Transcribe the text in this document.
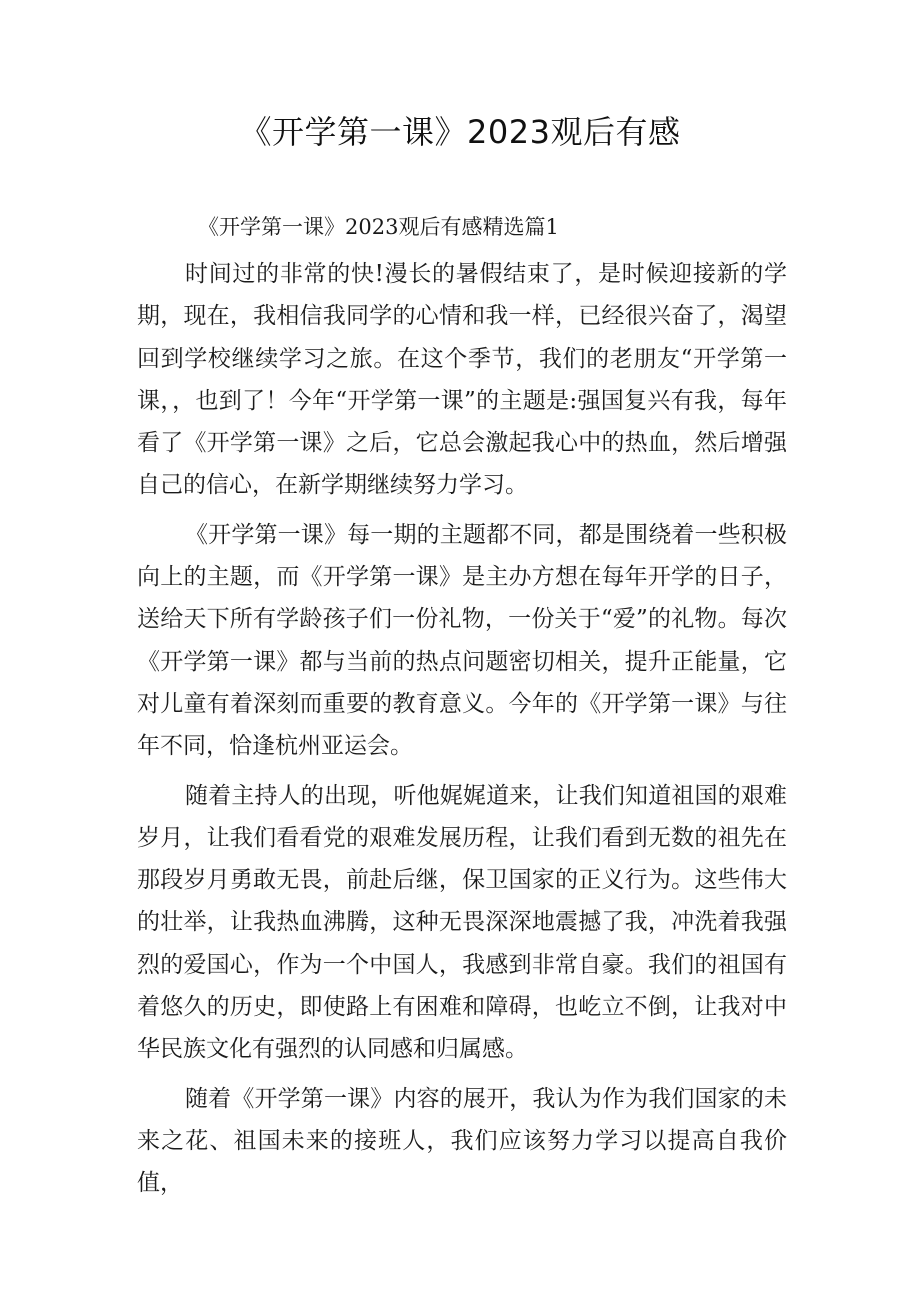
《开学第一课》2023观后有感
《开学第一课》2023观后有感精选篇1

时间过的非常的快!漫长的暑假结束了，是时候迎接新的学期，现在，我相信我同学的心情和我一样，已经很兴奋了，渴望回到学校继续学习之旅。在这个季节，我们的老朋友“开学第一课，，也到了！今年“开学第一课”的主题是:强国复兴有我，每年看了《开学第一课》之后，它总会激起我心中的热血，然后增强自己的信心，在新学期继续努力学习。

《开学第一课》每一期的主题都不同，都是围绕着一些积极向上的主题，而《开学第一课》是主办方想在每年开学的日子，送给天下所有学龄孩子们一份礼物，一份关于“爱”的礼物。每次《开学第一课》都与当前的热点问题密切相关，提升正能量，它对儿童有着深刻而重要的教育意义。今年的《开学第一课》与往年不同，恰逢杭州亚运会。

随着主持人的出现，听他娓娓道来，让我们知道祖国的艰难岁月，让我们看看党的艰难发展历程，让我们看到无数的祖先在那段岁月勇敢无畏，前赴后继，保卫国家的正义行为。这些伟大的壮举，让我热血沸腾，这种无畏深深地震撼了我，冲洗着我强烈的爱国心，作为一个中国人，我感到非常自豪。我们的祖国有着悠久的历史，即使路上有困难和障碍，也屹立不倒，让我对中华民族文化有强烈的认同感和归属感。

随着《开学第一课》内容的展开，我认为作为我们国家的未来之花、祖国未来的接班人，我们应该努力学习以提高自我价值，
